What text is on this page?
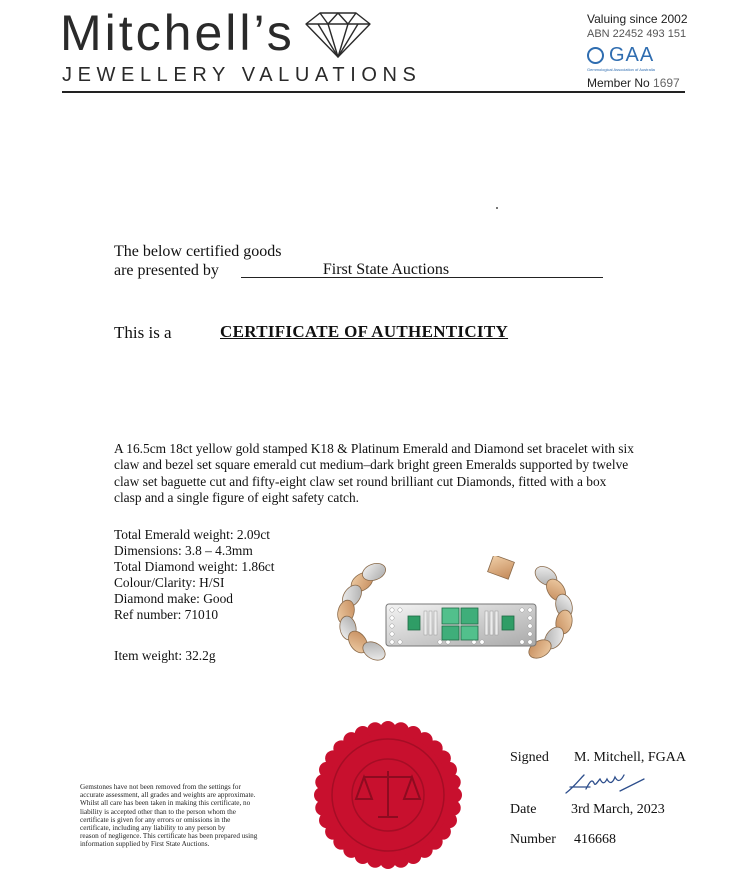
Mitchell’s
JEWELLERY VALUATIONS
Valuing since 2002
ABN 22452 493 151
GAA
Gemmological Association of Australia
Member No 1697
The below certified goods
are presented by	First State Auctions
This is a	CERTIFICATE OF AUTHENTICITY
A 16.5cm 18ct yellow gold stamped K18 & Platinum Emerald and Diamond set bracelet with six claw and bezel set square emerald cut medium–dark bright green Emeralds supported by twelve claw set baguette cut and fifty-eight claw set round brilliant cut Diamonds, fitted with a box clasp and a single figure of eight safety catch.
Total Emerald weight: 2.09ct
Dimensions: 3.8 – 4.3mm
Total Diamond weight: 1.86ct
Colour/Clarity: H/SI
Diamond make: Good
Ref number: 71010
Item weight: 32.2g
Signed M. Mitchell, FGAA
Date 3rd March, 2023
Number 416668
Gemstones have not been removed from the settings for
accurate assessment, all grades and weights are approximate.
Whilst all care has been taken in making this certificate, no
liability is accepted other than to the person whom the
certificate is given for any errors or omissions in the
certificate, including any liability to any person by
reason of negligence. This certificate has been prepared using
information supplied by First State Auctions.
